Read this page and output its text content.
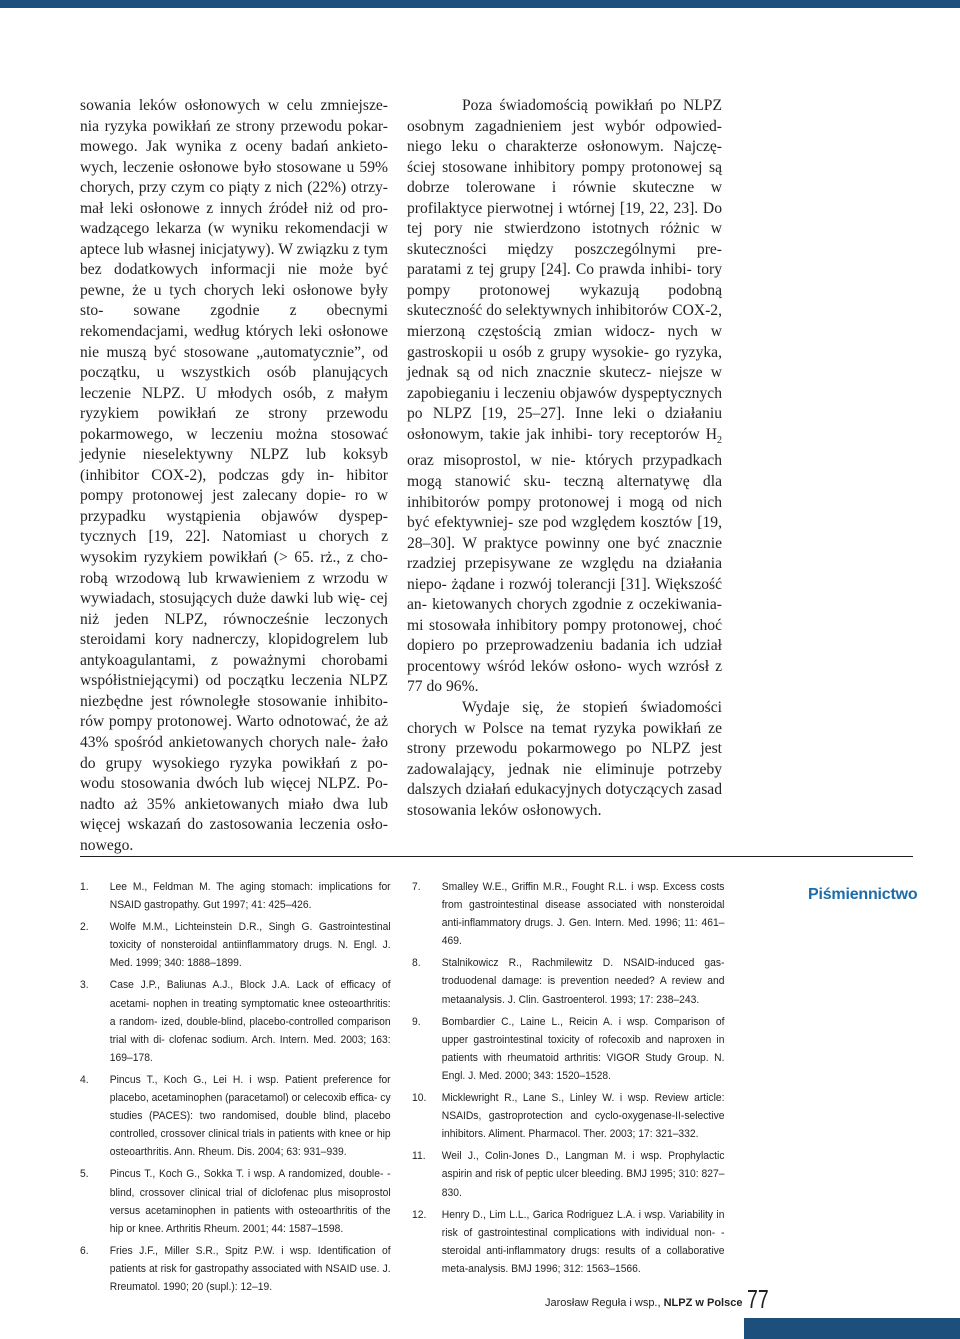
sowania leków osłonowych w celu zmniejsze- nia ryzyka powikłań ze strony przewodu pokar- mowego. Jak wynika z oceny badań ankieto- wych, leczenie osłonowe było stosowane u 59% chorych, przy czym co piąty z nich (22%) otrzy- mał leki osłonowe z innych źródeł niż od pro- wadzącego lekarza (w wyniku rekomendacji w aptece lub własnej inicjatywy). W związku z tym bez dodatkowych informacji nie może być pewne, że u tych chorych leki osłonowe były sto- sowane zgodnie z obecnymi rekomendacjami, według których leki osłonowe nie muszą być stosowane „automatycznie”, od początku, u wszystkich osób planujących leczenie NLPZ. U młodych osób, z małym ryzykiem powikłań ze strony przewodu pokarmowego, w leczeniu można stosować jedynie nieselektywny NLPZ lub koksyb (inhibitor COX-2), podczas gdy in- hibitor pompy protonowej jest zalecany dopie- ro w przypadku wystąpienia objawów dyspep- tycznych [19, 22]. Natomiast u chorych z wysokim ryzykiem powikłań (> 65. rż., z cho- robą wrzodową lub krwawieniem z wrzodu w wywiadach, stosujących duże dawki lub wię- cej niż jeden NLPZ, równocześnie leczonych steroidami kory nadnerczy, klopidogrelem lub antykoagulantami, z poważnymi chorobami współistniejącymi) od początku leczenia NLPZ niezbędne jest równoległe stosowanie inhibito- rów pompy protonowej. Warto odnotować, że aż 43% spośród ankietowanych chorych nale- żało do grupy wysokiego ryzyka powikłań z po- wodu stosowania dwóch lub więcej NLPZ. Po- nadto aż 35% ankietowanych miało dwa lub więcej wskazań do zastosowania leczenia osło- nowego.

Poza świadomością powikłań po NLPZ osobnym zagadnieniem jest wybór odpowied- niego leku o charakterze osłonowym. Najczę- ściej stosowane inhibitory pompy protonowej są dobrze tolerowane i równie skuteczne w profilaktyce pierwotnej i wtórnej [19, 22, 23]. Do tej pory nie stwierdzono istotnych różnic w skuteczności między poszczególnymi pre- paratami z tej grupy [24]. Co prawda inhibi- tory pompy protonowej wykazują podobną skuteczność do selektywnych inhibitorów COX-2, mierzoną częstością zmian widocz- nych w gastroskopii u osób z grupy wysokie- go ryzyka, jednak są od nich znacznie skutecz- niejsze w zapobieganiu i leczeniu objawów dyspeptycznych po NLPZ [19, 25–27]. Inne leki o działaniu osłonowym, takie jak inhibi- tory receptorów $H_2$ oraz misoprostol, w nie- których przypadkach mogą stanowić sku- teczną alternatywę dla inhibitorów pompy protonowej i mogą od nich być efektywniej- sze pod względem kosztów [19, 28–30]. W praktyce powinny one być znacznie rzadziej przepisywane ze względu na działania niepo- żądane i rozwój tolerancji [31]. Większość an- kietowanych chorych zgodnie z oczekiwania- mi stosowała inhibitory pompy protonowej, choć dopiero po przeprowadzeniu badania ich udział procentowy wśród leków osłono- wych wzrósł z 77 do 96%.

Wydaje się, że stopień świadomości chorych w Polsce na temat ryzyka powikłań ze strony przewodu pokarmowego po NLPZ jest zadowalający, jednak nie eliminuje potrzeby dalszych działań edukacyjnych dotyczących zasad stosowania leków osłonowych.

1. Lee M., Feldman M. The aging stomach: implications for NSAID gastropathy. Gut 1997; 41: 425–426.
2. Wolfe M.M., Lichteinstein D.R., Singh G. Gastrointestinal toxicity of nonsteroidal antiinflammatory drugs. N. Engl. J. Med. 1999; 340: 1888–1899.
3. Case J.P., Baliunas A.J., Block J.A. Lack of efficacy of acetami- nophen in treating symptomatic knee osteoarthritis: a random- ized, double-blind, placebo-controlled comparison trial with di- clofenac sodium. Arch. Intern. Med. 2003; 163: 169–178.
4. Pincus T., Koch G., Lei H. i wsp. Patient preference for placebo, acetaminophen (paracetamol) or celecoxib effica- cy studies (PACES): two randomised, double blind, placebo controlled, crossover clinical trials in patients with knee or hip osteoarthritis. Ann. Rheum. Dis. 2004; 63: 931–939.
5. Pincus T., Koch G., Sokka T. i wsp. A randomized, double- -blind, crossover clinical trial of diclofenac plus misoprostol versus acetaminophen in patients with osteoarthritis of the hip or knee. Arthritis Rheum. 2001; 44: 1587–1598.
6. Fries J.F., Miller S.R., Spitz P.W. i wsp. Identification of patients at risk for gastropathy associated with NSAID use. J. Rreumatol. 1990; 20 (supl.): 12–19.
7. Smalley W.E., Griffin M.R., Fought R.L. i wsp. Excess costs from gastrointestinal disease associated with nonsteroidal anti-inflammatory drugs. J. Gen. Intern. Med. 1996; 11: 461–469.
8. Stalnikowicz R., Rachmilewitz D. NSAID-induced gas- troduodenal damage: is prevention needed? A review and metaanalysis. J. Clin. Gastroenterol. 1993; 17: 238–243.
9. Bombardier C., Laine L., Reicin A. i wsp. Comparison of upper gastrointestinal toxicity of rofecoxib and naproxen in patients with rheumatoid arthritis: VIGOR Study Group. N. Engl. J. Med. 2000; 343: 1520–1528.
10. Micklewright R., Lane S., Linley W. i wsp. Review article: NSAIDs, gastroprotection and cyclo-oxygenase-II-selective inhibitors. Aliment. Pharmacol. Ther. 2003; 17: 321–332.
11. Weil J., Colin-Jones D., Langman M. i wsp. Prophylactic aspirin and risk of peptic ulcer bleeding. BMJ 1995; 310: 827–830.
12. Henry D., Lim L.L., Garica Rodriguez L.A. i wsp. Variability in risk of gastrointestinal complications with individual non- -steroidal anti-inflammatory drugs: results of a collaborative meta-analysis. BMJ 1996; 312: 1563–1566.
Piśmiennictwo
Jarosław Reguła i wsp., NLPZ w Polsce 77
